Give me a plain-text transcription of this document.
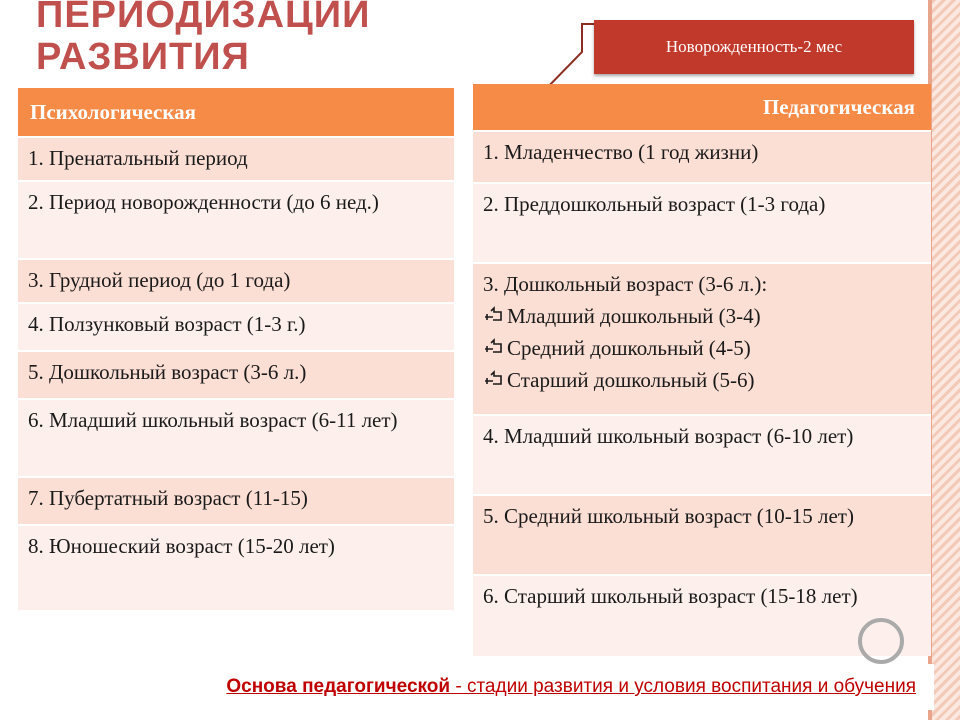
ПЕРИОДИЗАЦИИ
РАЗВИТИЯ	Новорожденность-2 мес
Психологическая
1. Пренатальный период
2. Период новорожденности (до 6 нед.)
3. Грудной период (до 1 года)
4. Ползунковый возраст (1-3 г.)
5. Дошкольный возраст (3-6 л.)
6. Младший школьный возраст (6-11 лет)
7. Пубертатный возраст (11-15)
8. Юношеский возраст (15-20 лет)
Педагогическая
1. Младенчество (1 год жизни)
2. Преддошкольный возраст (1-3 года)
3. Дошкольный возраст (3-6 л.):
Младший дошкольный (3-4)
Средний дошкольный (4-5)
Старший дошкольный (5-6)
4. Младший школьный возраст (6-10 лет)
5. Средний школьный возраст (10-15 лет)
6. Старший школьный возраст (15-18 лет)
Основа педагогической - стадии развития и условия воспитания и обучения
